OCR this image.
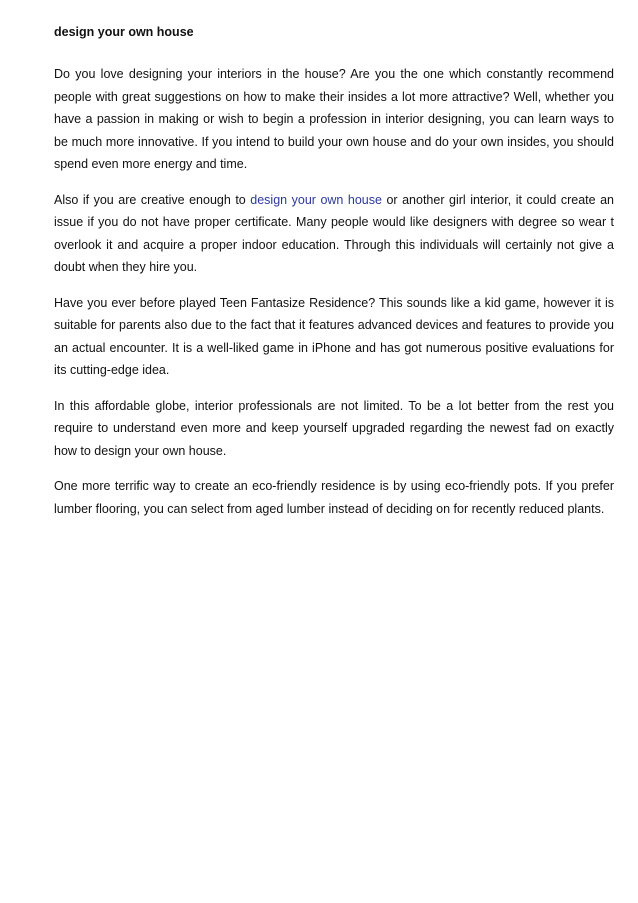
design your own house

Do you love designing your interiors in the house? Are you the one which constantly recommend people with great suggestions on how to make their insides a lot more attractive? Well, whether you have a passion in making or wish to begin a profession in interior designing, you can learn ways to be much more innovative. If you intend to build your own house and do your own insides, you should spend even more energy and time.

Also if you are creative enough to design your own house or another girl interior, it could create an issue if you do not have proper certificate. Many people would like designers with degree so wear t overlook it and acquire a proper indoor education. Through this individuals will certainly not give a doubt when they hire you.

Have you ever before played Teen Fantasize Residence? This sounds like a kid game, however it is suitable for parents also due to the fact that it features advanced devices and features to provide you an actual encounter. It is a well-liked game in iPhone and has got numerous positive evaluations for its cutting-edge idea.

In this affordable globe, interior professionals are not limited. To be a lot better from the rest you require to understand even more and keep yourself upgraded regarding the newest fad on exactly how to design your own house.

One more terrific way to create an eco-friendly residence is by using eco-friendly pots. If you prefer lumber flooring, you can select from aged lumber instead of deciding on for recently reduced plants.
